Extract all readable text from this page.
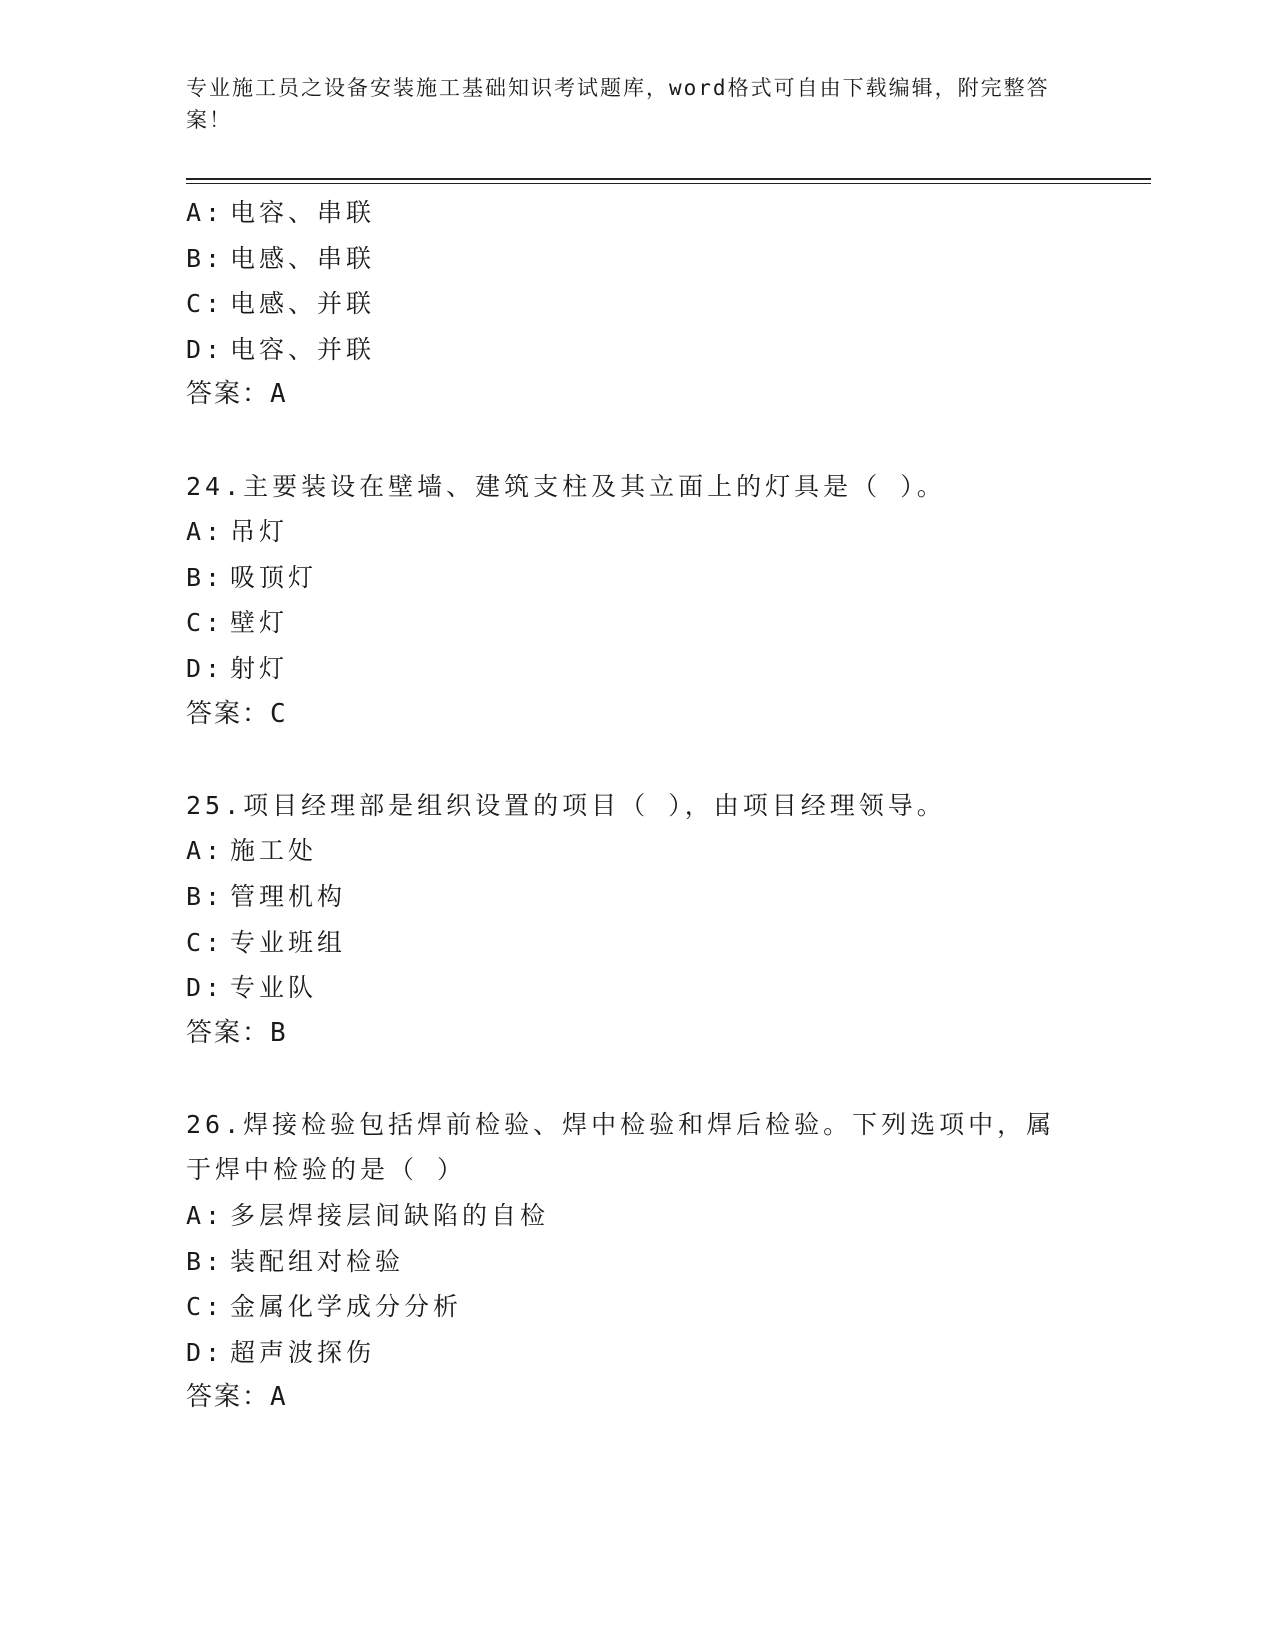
专业施工员之设备安装施工基础知识考试题库，word格式可自由下载编辑，附完整答案！
A: 电容、串联
B: 电感、串联
C: 电感、并联
D: 电容、并联
答案：A
24.主要装设在壁墙、建筑支柱及其立面上的灯具是（ ）。
A: 吊灯
B: 吸顶灯
C: 壁灯
D: 射灯
答案：C
25.项目经理部是组织设置的项目（ ），由项目经理领导。
A: 施工处
B: 管理机构
C: 专业班组
D: 专业队
答案：B
26.焊接检验包括焊前检验、焊中检验和焊后检验。下列选项中，属于焊中检验的是（ ）
A: 多层焊接层间缺陷的自检
B: 装配组对检验
C: 金属化学成分分析
D: 超声波探伤
答案：A
